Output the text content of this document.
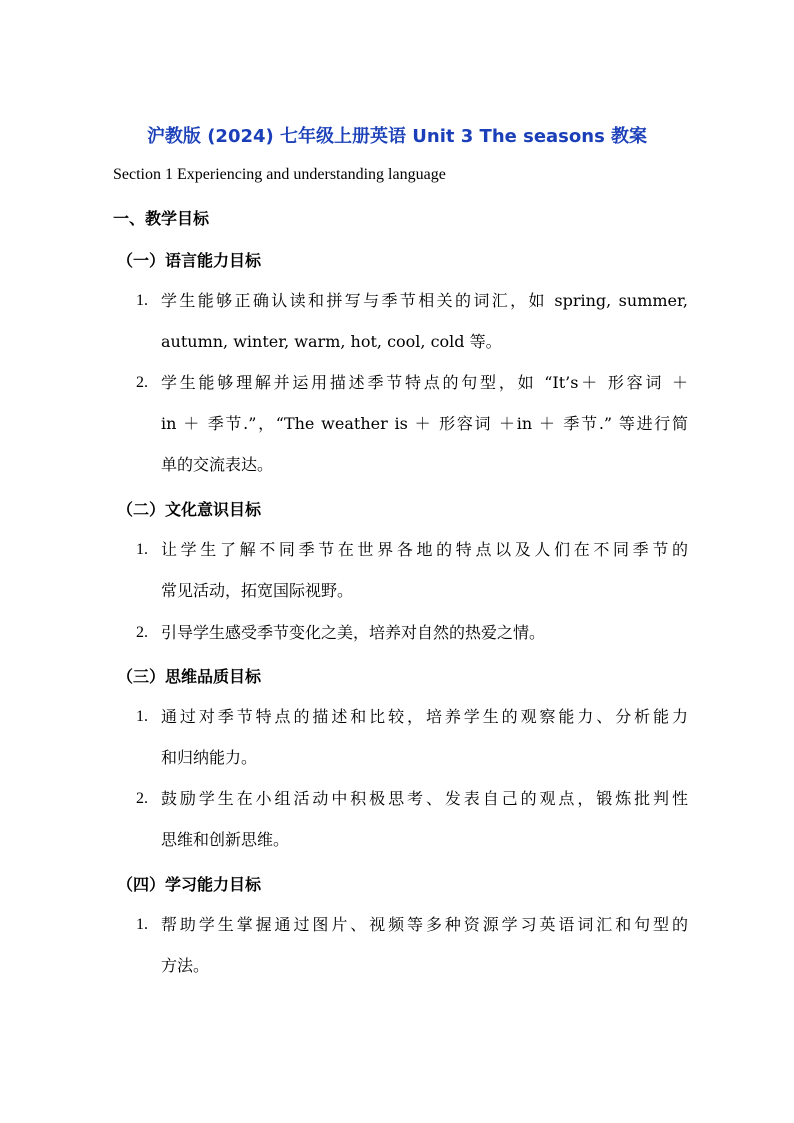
沪教版 (2024) 七年级上册英语 Unit 3 The seasons 教案
Section 1 Experiencing and understanding language
一、教学目标
（一）语言能力目标
1. 学生能够正确认读和拼写与季节相关的词汇，如 spring, summer,
autumn, winter, warm, hot, cool, cold 等。
2. 学生能够理解并运用描述季节特点的句型，如 “It’s＋ 形容词 ＋
in ＋ 季节.”，“The weather is ＋ 形容词 ＋in ＋ 季节.” 等进行简
单的交流表达。
（二）文化意识目标
1. 让学生了解不同季节在世界各地的特点以及人们在不同季节的
常见活动，拓宽国际视野。
2. 引导学生感受季节变化之美，培养对自然的热爱之情。
（三）思维品质目标
1. 通过对季节特点的描述和比较，培养学生的观察能力、分析能力
和归纳能力。
2. 鼓励学生在小组活动中积极思考、发表自己的观点，锻炼批判性
思维和创新思维。
（四）学习能力目标
1. 帮助学生掌握通过图片、视频等多种资源学习英语词汇和句型的
方法。
